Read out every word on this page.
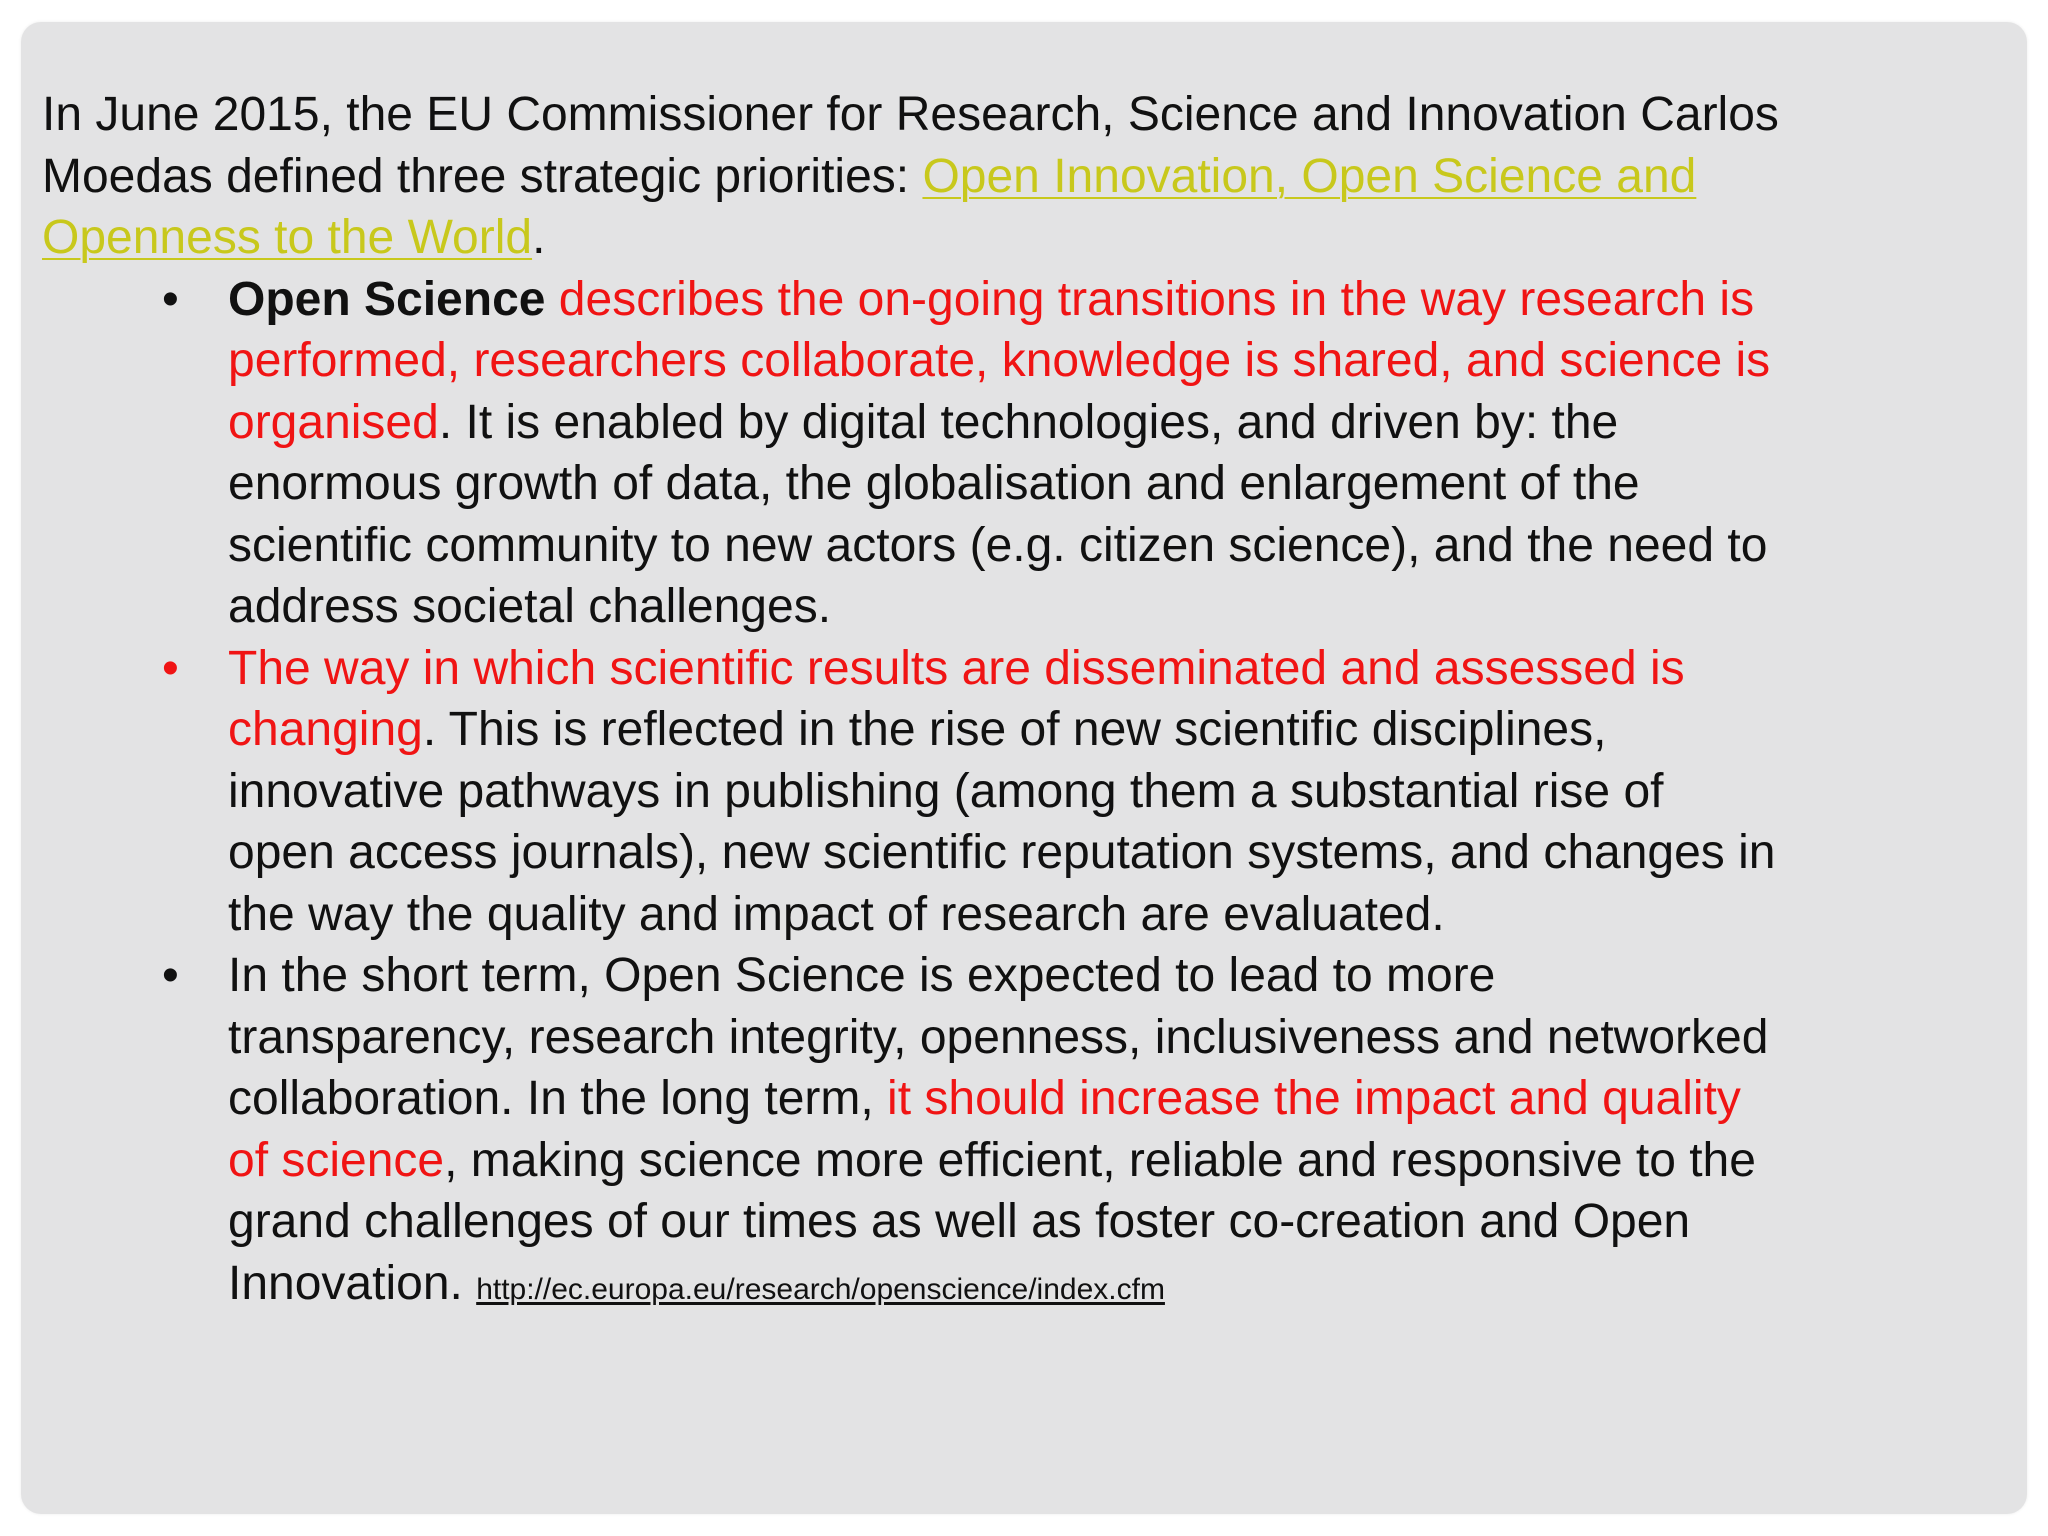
In June 2015, the EU Commissioner for Research, Science and Innovation Carlos Moedas defined three strategic priorities: Open Innovation, Open Science and Openness to the World.

•	Open Science describes the on-going transitions in the way research is performed, researchers collaborate, knowledge is shared, and science is organised. It is enabled by digital technologies, and driven by: the enormous growth of data, the globalisation and enlargement of the scientific community to new actors (e.g. citizen science), and the need to address societal challenges.
•	The way in which scientific results are disseminated and assessed is changing. This is reflected in the rise of new scientific disciplines, innovative pathways in publishing (among them a substantial rise of open access journals), new scientific reputation systems, and changes in the way the quality and impact of research are evaluated.
•	In the short term, Open Science is expected to lead to more transparency, research integrity, openness, inclusiveness and networked collaboration. In the long term, it should increase the impact and quality of science, making science more efficient, reliable and responsive to the grand challenges of our times as well as foster co-creation and Open Innovation. http://ec.europa.eu/research/openscience/index.cfm
